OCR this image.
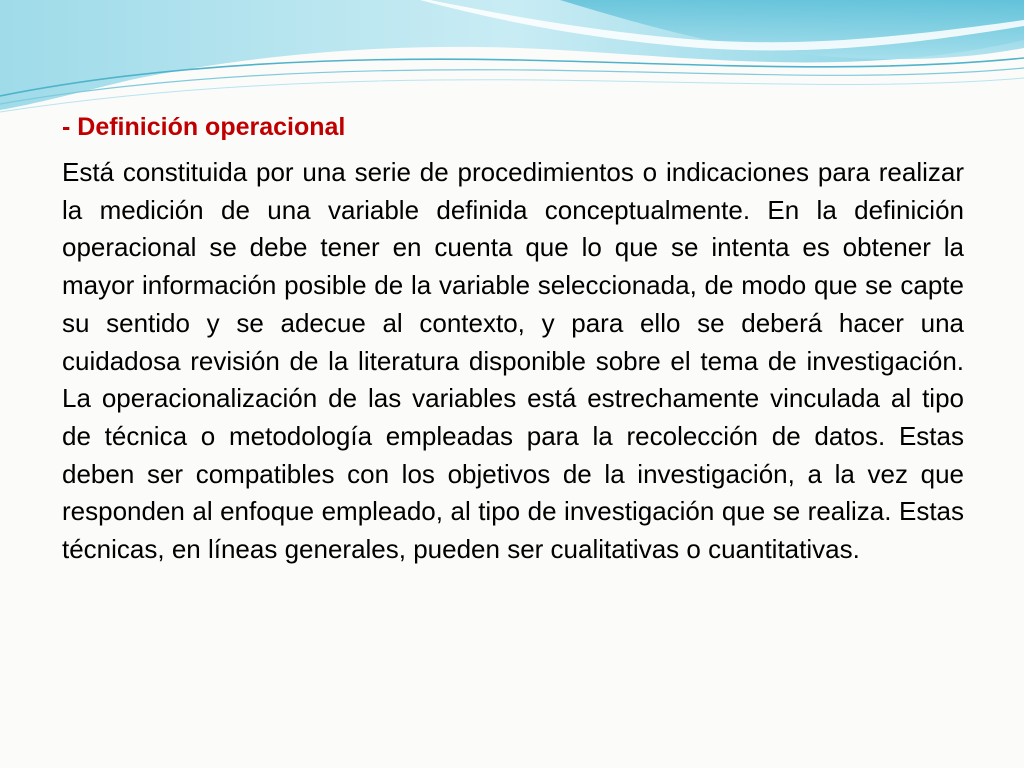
- Definición operacional

Está constituida por una serie de procedimientos o indicaciones para realizar la medición de una variable definida conceptualmente. En la definición operacional se debe tener en cuenta que lo que se intenta es obtener la mayor información posible de la variable seleccionada, de modo que se capte su sentido y se adecue al contexto, y para ello se deberá hacer una cuidadosa revisión de la literatura disponible sobre el tema de investigación.  La operacionalización de las variables está estrechamente vinculada al tipo de técnica o metodología empleadas para la recolección de datos. Estas deben ser compatibles con los objetivos de la investigación, a la vez que responden al enfoque empleado, al tipo de investigación que se realiza. Estas técnicas, en líneas generales, pueden ser cualitativas o cuantitativas.
